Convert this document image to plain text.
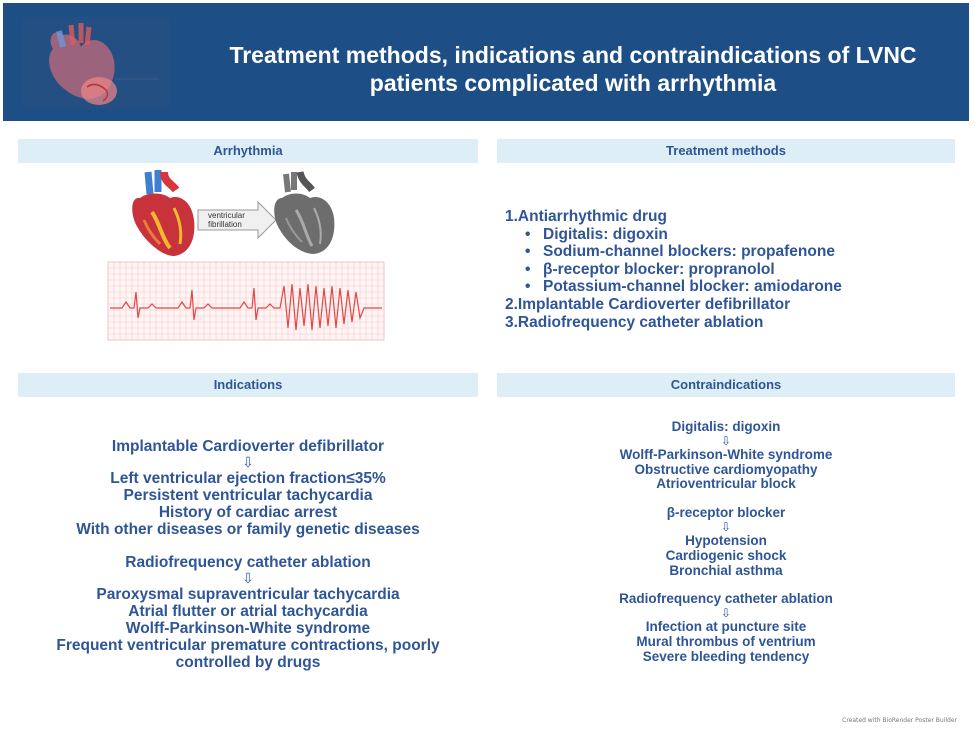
Treatment methods, indications and contraindications of LVNC patients complicated with arrhythmia
Arrhythmia	Treatment methods
Indications	Contraindications
ventricular
fibrillation	1.Antiarrhythmic drug
• Digitalis: digoxin
• Sodium-channel blockers: propafenone
• β-receptor blocker: propranolol
• Potassium-channel blocker: amiodarone
2.Implantable Cardioverter defibrillator
3.Radiofrequency catheter ablation
Implantable Cardioverter defibrillator
⇩
Left ventricular ejection fraction≤35%
Persistent ventricular tachycardia
History of cardiac arrest
With other diseases or family genetic diseases
Radiofrequency catheter ablation
⇩
Paroxysmal supraventricular tachycardia
Atrial flutter or atrial tachycardia
Wolff-Parkinson-White syndrome
Frequent ventricular premature contractions, poorly
controlled by drugs
Digitalis: digoxin
⇩
Wolff-Parkinson-White syndrome
Obstructive cardiomyopathy
Atrioventricular block
β-receptor blocker
⇩
Hypotension
Cardiogenic shock
Bronchial asthma
Radiofrequency catheter ablation
⇩
Infection at puncture site
Mural thrombus of ventrium
Severe bleeding tendency
Created with BioRender Poster Builder
